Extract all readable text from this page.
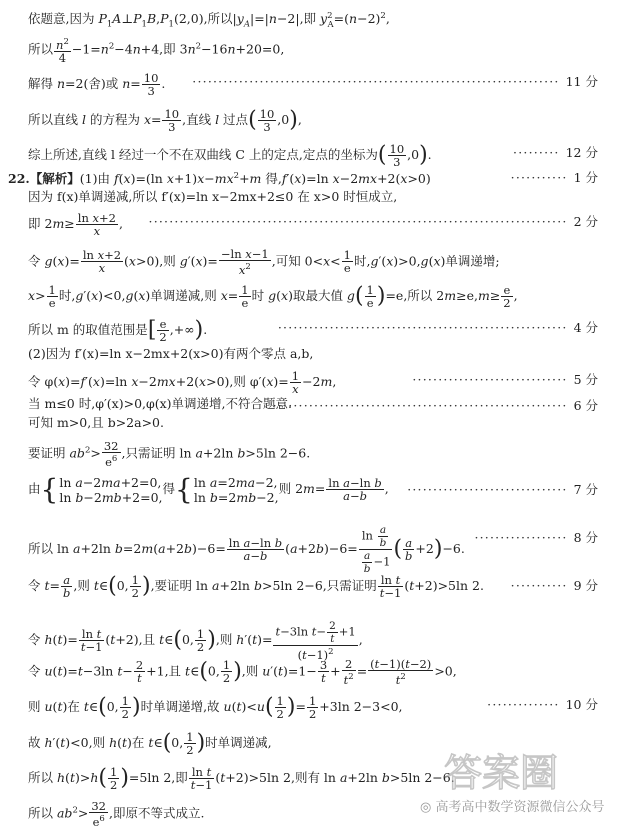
依题意,因为 $P_1A\perp P_1B,P_1(2,0)$,所以$|y_A|=|n-2|$,即 $y^2_A=(n-2)^2$,
所以 $\frac{n^2}{4} -1=n^2-4n+4$,即 $3n^2-16n+20=0$,
解得 n=2(舍)或 $n= \frac{10}{3}$ . ······································································· 11 分
所以直线 l 的方程为 $x= \frac{10}{3}$ ,直线 l 过点( $\frac{10}{3} ,0$),
综上所述,直线 l 经过一个不在双曲线 C 上的定点,定点的坐标为( $\frac{10}{3} ,0$).	········· 12 分
22.【解析】(1)由 f(x)=(ln $x+1)x-mx^2+m$ 得,f′(x)=ln x−2mx+2(x>0)	··········· 1 分
因为 f(x)单调递减,所以 f′(x)=ln x−2mx+2≤0 在 x>0 时恒成立,
即 $2m\ge \frac{\text{ln x+2}}{x}$ , ················································································· 2 分
令 $g(x)= \frac{\text{ln x+2}}{x} (x>0)$,则 $g'(x)= \frac{\text{−ln x−1}}{x^2}$ ,可知 $0<x< \frac{1}{e}$ 时,g′(x)>0,g(x)单调递增;
$x> \frac{1}{e}$ 时,g′(x)<0,g(x)单调递减,则 $x= \frac{1}{e}$ 时 g(x)取最大值 $g( \frac{1}{e} )=e$,所以 $2m\ge e,m\ge \frac{e}{2}$ ,
所以 m 的取值范围是[ $\frac{e}{2}$ ,+∞).	························································ 4 分
(2)因为 f′(x)=ln x−2mx+2(x>0)有两个零点 a,b,
令 φ(x)=f′(x)=ln x−2mx+2(x>0),则 $\varphi'(x)= \frac{1}{x} -2m$,	······························ 5 分
当 m≤0 时,φ′(x)>0,φ(x)单调递增,不符合题意.
························································· 6 分
可知 m>0,且 b>2a>0.
要证明 $ab^2> \frac{32}{e^6}$ ,只需证明 ln a+2ln b>5ln 2−6.
由{ln a−2ma+2=0,
ln b−2mb+2=0,得{ln a=2ma−2,
ln b=2mb−2,则 $2m= \frac{\text{ln a−ln b}}{a-b}$ , ······························· 7 分
所以 ln a+2ln $b=2m(a+2b)-6= \frac{\text{ln a−ln b}}{a-b} (a+2b)-6= \frac{\ln \frac{a}{b}}{\frac{a}{b} -1}$ ( $\frac{a}{b} +2)-6$.
·················· 8 分
令 $t= \frac{a}{b}$ ,则 t∈(0, $\frac{1}{2}$ ),要证明 ln a+2ln b>5ln 2−6,只需证明 $\frac{\text{ln t}}{t-1} (t+2)>5\ln$ 2. ··········· 9 分
令 $h(t)= \frac{\text{ln t}}{t-1} (t+2)$,且 t∈(0, $\frac{1}{2}$ ),则 $h'(t)= \frac{t-3\ln t- \frac{2}{t} +1}{(t-1)^2}$ ,
令 u(t)=t−3ln $t- \frac{2}{t} +1$,且 t∈(0, $\frac{1}{2}$ ),则 $u'(t)=1- \frac{3}{t} + \frac{2}{t^2} = \frac{(t-1)(t-2)}{t^2} >0$,
则 u(t)在 t∈(0, $\frac{1}{2}$ )时单调递增,故 $u(t)<u( \frac{1}{2}$ )= $\frac{1}{2} +3\ln$ 2−3<0,	·············· 10 分
故 h′(t)<0,则 h(t)在 t∈(0, $\frac{1}{2}$ )时单调递减,
所以 $h(t)>h( \frac{1}{2} )=5\ln$ 2,即 $\frac{\text{ln t}}{t-1} (t+2)>5\ln$ 2,则有 ln a+2ln b>5ln 2−6.
所以 $ab^2> \frac{32}{e^6}$ ,即原不等式成立.
答案圈
◎ 高考高中数学资源微信公众号
